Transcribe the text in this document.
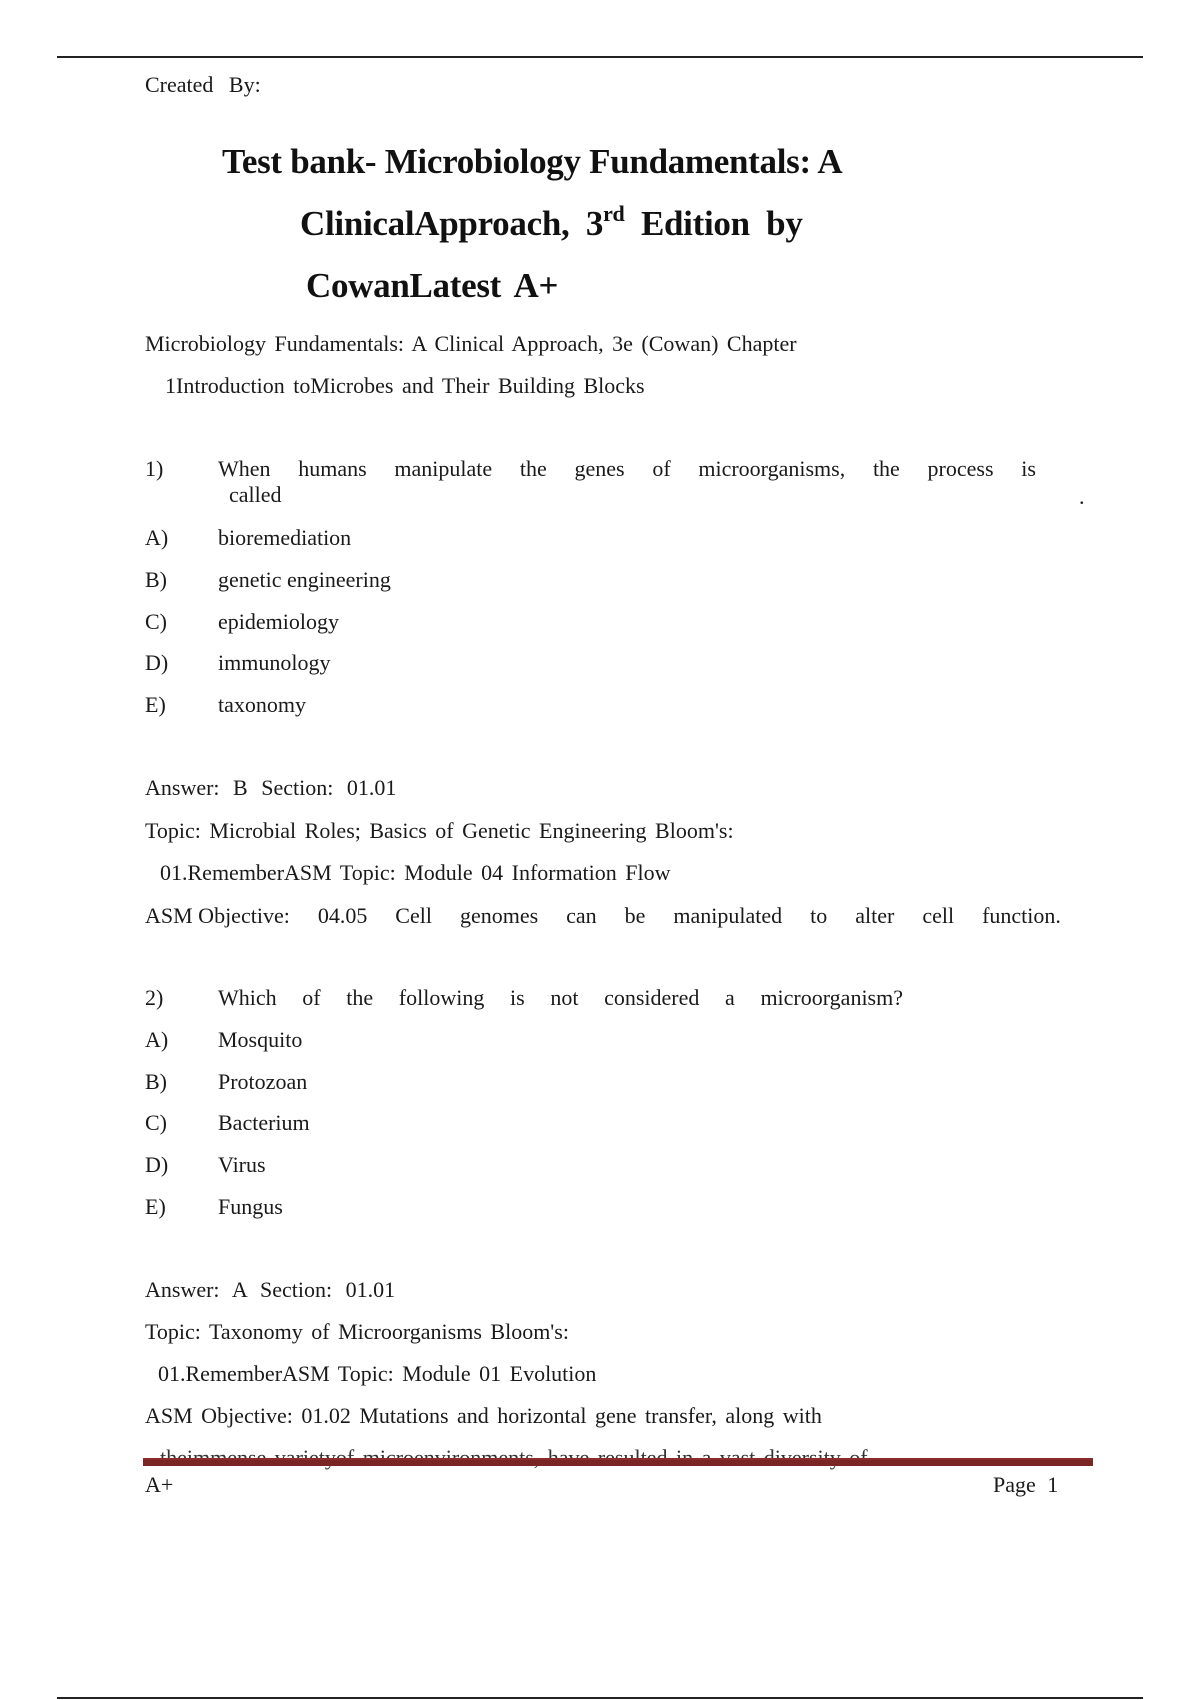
Created By:
Test bank- Microbiology Fundamentals: A
ClinicalApproach, 3rd Edition by
CowanLatest A+
Microbiology Fundamentals: A Clinical Approach, 3e (Cowan) Chapter
1Introduction toMicrobes and Their Building Blocks
1) When humans manipulate the genes of microorganisms, the process is
called	.
A) bioremediation
B) genetic engineering
C) epidemiology
D) immunology
E) taxonomy
Answer: B Section: 01.01
Topic: Microbial Roles; Basics of Genetic Engineering Bloom's:
01.RememberASM Topic: Module 04 Information Flow
ASM Objective: 04.05 Cell genomes can be manipulated to alter cell function.
2) Which of the following is not considered a microorganism?
A) Mosquito
B) Protozoan
C) Bacterium
D) Virus
E) Fungus
Answer: A Section: 01.01
Topic: Taxonomy of Microorganisms Bloom's:
01.RememberASM Topic: Module 01 Evolution
ASM Objective: 01.02 Mutations and horizontal gene transfer, along with
A+	Page 1
